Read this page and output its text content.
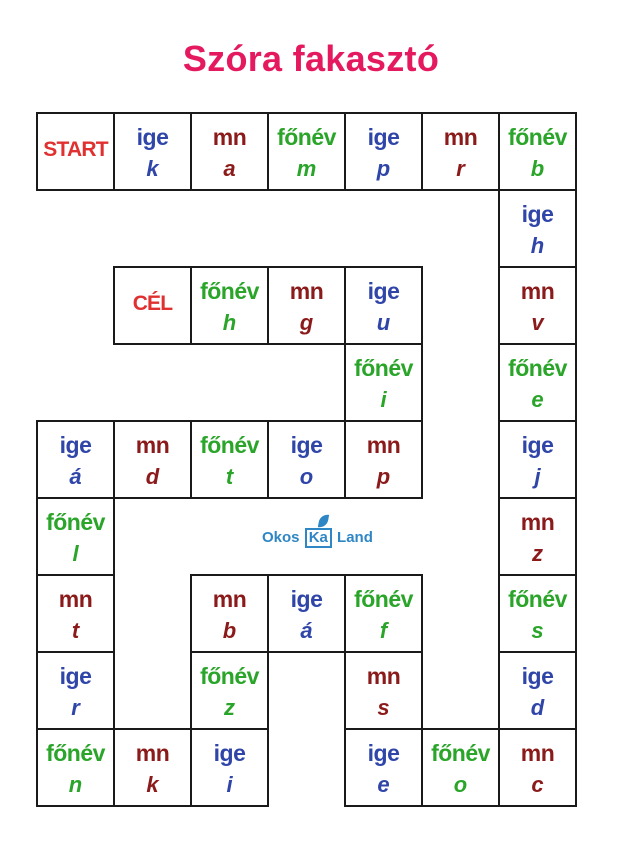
Szóra fakasztó
START	ige
k
mn
a
főnév
m
ige
p
mn
r
főnév
b
ige
h
mn
v
főnév
e
ige
j
mn
z
főnév
s
ige
d
mn
c
főnév
o
ige
e
mn
s
főnév
f
ige
á
mn
b
főnév
z
ige
i
mn
k
főnév
n
ige
r
mn
t
főnév
l
ige
á
mn
d
főnév
t
ige
o
mn
p
főnév
i
ige
u
mn
g
főnév
h
CÉL
Okos Ka Land
